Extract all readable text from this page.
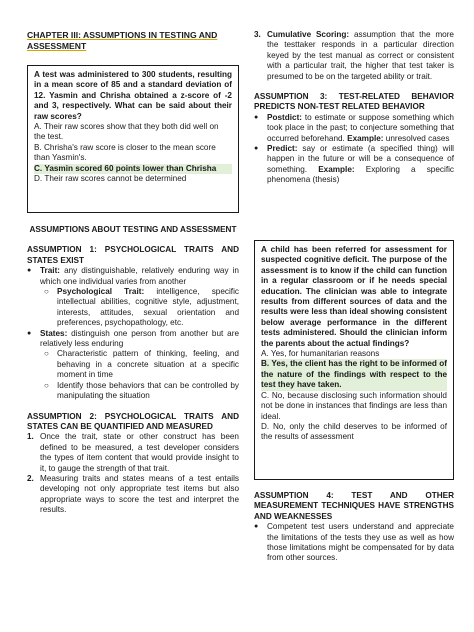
CHAPTER III: ASSUMPTIONS IN TESTING AND ASSESSMENT

A test was administered to 300 students, resulting in a mean score of 85 and a standard deviation of 12. Yasmin and Chrisha obtained a z-score of -2 and 3, respectively. What can be said about their raw scores?

A. Their raw scores show that they both did well on the test.

B. Chrisha's raw score is closer to the mean score than Yasmin's.

C. Yasmin scored 60 points lower than Chrisha

D. Their raw scores cannot be determined

ASSUMPTIONS ABOUT TESTING AND ASSESSMENT

ASSUMPTION 1: PSYCHOLOGICAL TRAITS AND STATES EXIST

● Trait: any distinguishable, relatively enduring way in which one individual varies from another

○ Psychological Trait: intelligence, specific intellectual abilities, cognitive style, adjustment, interests, attitudes, sexual orientation and preferences, psychopathology, etc.

● States: distinguish one person from another but are relatively less enduring

○ Characteristic pattern of thinking, feeling, and behaving in a concrete situation at a specific moment in time

○ Identify those behaviors that can be controlled by manipulating the situation

ASSUMPTION 2: PSYCHOLOGICAL TRAITS AND STATES CAN BE QUANTIFIED AND MEASURED

1. Once the trait, state or other construct has been defined to be measured, a test developer considers the types of item content that would provide insight to it, to gauge the strength of that trait.

2. Measuring traits and states means of a test entails developing not only appropriate test items but also appropriate ways to score the test and interpret the results.

3. Cumulative Scoring: assumption that the more the testtaker responds in a particular direction keyed by the test manual as correct or consistent with a particular trait, the higher that test taker is presumed to be on the targeted ability or trait.

ASSUMPTION 3: TEST-RELATED BEHAVIOR PREDICTS NON-TEST RELATED BEHAVIOR

● Postdict: to estimate or suppose something which took place in the past; to conjecture something that occurred beforehand. Example: unresolved cases

● Predict: say or estimate (a specified thing) will happen in the future or will be a consequence of something. Example: Exploring a specific phenomena (thesis)

A child has been referred for assessment for suspected cognitive deficit. The purpose of the assessment is to know if the child can function in a regular classroom or if he needs special education. The clinician was able to integrate results from different sources of data and the results were less than ideal showing consistent below average performance in the different tests administered. Should the clinician inform the parents about the actual findings?

A. Yes, for humanitarian reasons

B. Yes, the client has the right to be informed of the nature of the findings with respect to the test they have taken.

C. No, because disclosing such information should not be done in instances that findings are less than ideal.

D. No, only the child deserves to be informed of the results of assessment

ASSUMPTION 4: TEST AND OTHER MEASUREMENT TECHNIQUES HAVE STRENGTHS AND WEAKNESSES

● Competent test users understand and appreciate the limitations of the tests they use as well as how those limitations might be compensated for by data from other sources.
